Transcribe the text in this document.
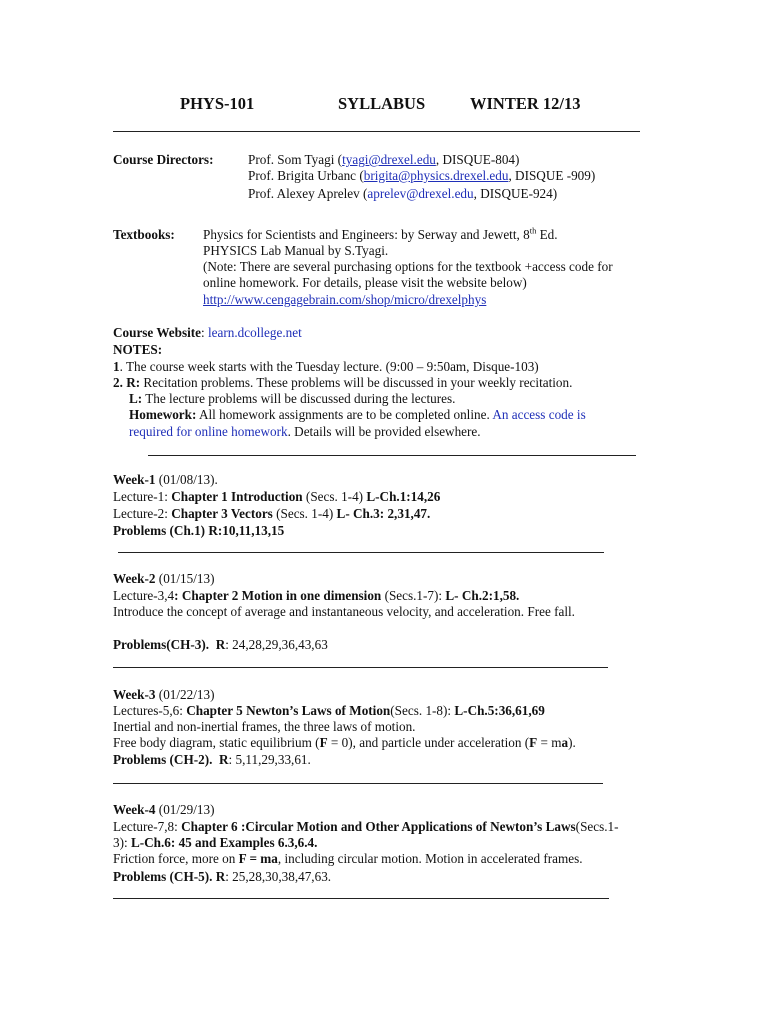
PHYS-101	SYLLABUS	WINTER 12/13
Course Directors:	Prof. Som Tyagi (tyagi@drexel.edu, DISQUE-804)
Prof. Brigita Urbanc (brigita@physics.drexel.edu, DISQUE -909)
Prof. Alexey Aprelev (aprelev@drexel.edu, DISQUE-924)
Textbooks: Physics for Scientists and Engineers: by Serway and Jewett, 8th Ed.
PHYSICS Lab Manual by S.Tyagi.
(Note: There are several purchasing options for the textbook +access code for
online homework. For details, please visit the website below)
http://www.cengagebrain.com/shop/micro/drexelphys
Course Website: learn.dcollege.net
NOTES:
1. The course week starts with the Tuesday lecture. (9:00 – 9:50am, Disque-103)
2. R: Recitation problems. These problems will be discussed in your weekly recitation.
L: The lecture problems will be discussed during the lectures.
Homework: All homework assignments are to be completed online. An access code is
required for online homework. Details will be provided elsewhere.
Week-1 (01/08/13).
Lecture-1: Chapter 1 Introduction (Secs. 1-4) L-Ch.1:14,26
Lecture-2: Chapter 3 Vectors (Secs. 1-4) L- Ch.3: 2,31,47.
Problems (Ch.1) R:10,11,13,15
Week-2 (01/15/13)
Lecture-3,4: Chapter 2 Motion in one dimension (Secs.1-7): L- Ch.2:1,58.
Introduce the concept of average and instantaneous velocity, and acceleration. Free fall.
Problems(CH-3). R: 24,28,29,36,43,63
Week-3 (01/22/13)
Lectures-5,6: Chapter 5 Newton’s Laws of Motion(Secs. 1-8): L-Ch.5:36,61,69
Inertial and non-inertial frames, the three laws of motion.
Free body diagram, static equilibrium (F = 0), and particle under acceleration (F = ma).
Problems (CH-2). R: 5,11,29,33,61.
Week-4 (01/29/13)
Lecture-7,8: Chapter 6 :Circular Motion and Other Applications of Newton’s Laws(Secs.1-
3): L-Ch.6: 45 and Examples 6.3,6.4.
Friction force, more on F = ma, including circular motion. Motion in accelerated frames.
Problems (CH-5). R: 25,28,30,38,47,63.
